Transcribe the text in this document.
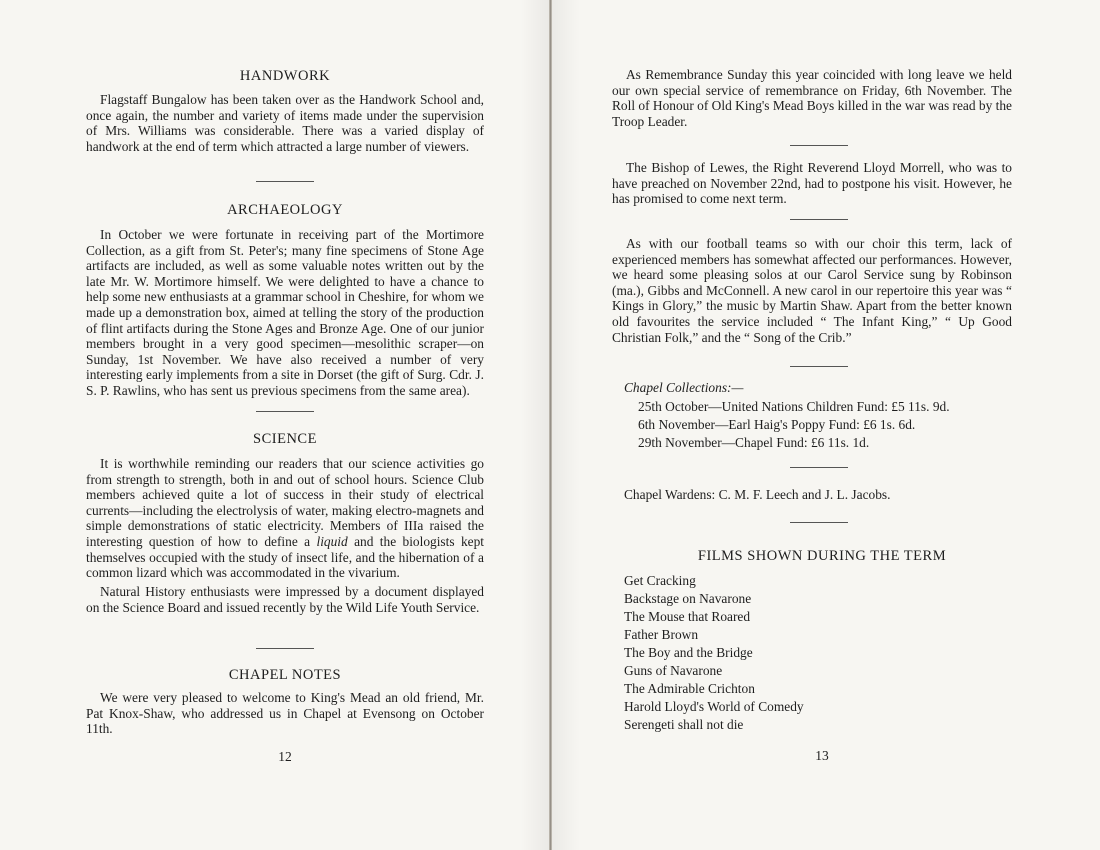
HANDWORK

Flagstaff Bungalow has been taken over as the Handwork School and, once again, the number and variety of items made under the supervision of Mrs. Williams was considerable. There was a varied display of handwork at the end of term which attracted a large number of viewers.

ARCHAEOLOGY

In October we were fortunate in receiving part of the Mortimore Collection, as a gift from St. Peter's; many fine specimens of Stone Age artifacts are included, as well as some valuable notes written out by the late Mr. W. Mortimore himself. We were delighted to have a chance to help some new enthusiasts at a grammar school in Cheshire, for whom we made up a demonstration box, aimed at telling the story of the production of flint artifacts during the Stone Ages and Bronze Age. One of our junior members brought in a very good specimen—mesolithic scraper—on Sunday, 1st November. We have also received a number of very interesting early implements from a site in Dorset (the gift of Surg. Cdr. J. S. P. Rawlins, who has sent us previous specimens from the same area).

SCIENCE

It is worthwhile reminding our readers that our science activities go from strength to strength, both in and out of school hours. Science Club members achieved quite a lot of success in their study of electrical currents—including the electrolysis of water, making electro-magnets and simple demonstrations of static electricity. Members of IIIa raised the interesting question of how to define a liquid and the biologists kept themselves occupied with the study of insect life, and the hibernation of a common lizard which was accommodated in the vivarium.

Natural History enthusiasts were impressed by a document displayed on the Science Board and issued recently by the Wild Life Youth Service.

CHAPEL NOTES

We were very pleased to welcome to King's Mead an old friend, Mr. Pat Knox-Shaw, who addressed us in Chapel at Evensong on October 11th.

12

As Remembrance Sunday this year coincided with long leave we held our own special service of remembrance on Friday, 6th November. The Roll of Honour of Old King's Mead Boys killed in the war was read by the Troop Leader.

The Bishop of Lewes, the Right Reverend Lloyd Morrell, who was to have preached on November 22nd, had to postpone his visit. However, he has promised to come next term.

As with our football teams so with our choir this term, lack of experienced members has somewhat affected our performances. However, we heard some pleasing solos at our Carol Service sung by Robinson (ma.), Gibbs and McConnell. A new carol in our repertoire this year was “ Kings in Glory,” the music by Martin Shaw. Apart from the better known old favourites the service included “ The Infant King,” “ Up Good Christian Folk,” and the “ Song of the Crib.”

Chapel Collections:—
25th October—United Nations Children Fund: £5 11s. 9d.
6th November—Earl Haig's Poppy Fund: £6 1s. 6d.
29th November—Chapel Fund: £6 11s. 1d.
Chapel Wardens: C. M. F. Leech and J. L. Jacobs.
FILMS SHOWN DURING THE TERM
Get Cracking
Backstage on Navarone
The Mouse that Roared
Father Brown
The Boy and the Bridge
Guns of Navarone
The Admirable Crichton
Harold Lloyd's World of Comedy
Serengeti shall not die
13
